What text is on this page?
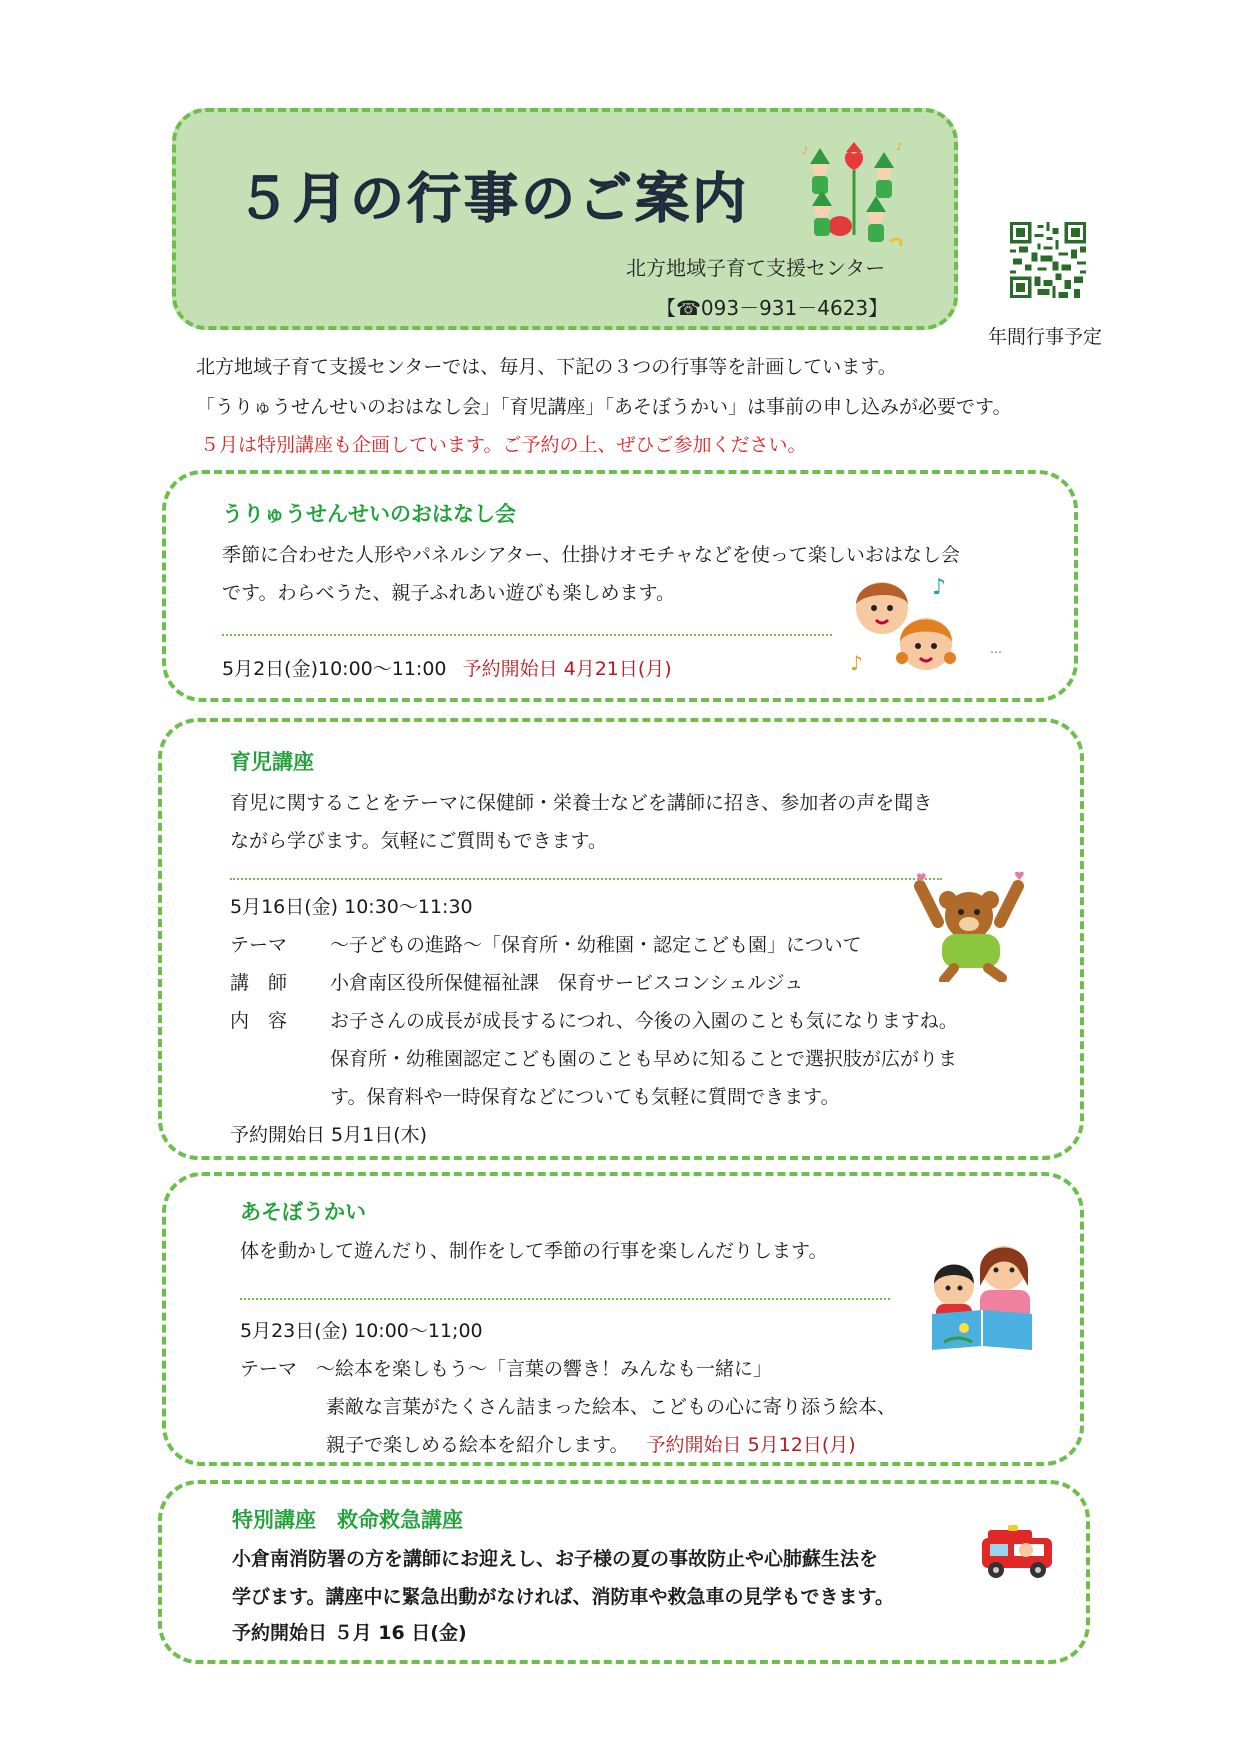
５月の行事のご案内
北方地域子育て支援センター
【☎093－931－4623】
♪	♪
年間行事予定
北方地域子育て支援センターでは、毎月、下記の３つの行事等を計画しています。
「うりゅうせんせいのおはなし会」「育児講座」「あそぼうかい」は事前の申し込みが必要です。
５月は特別講座も企画しています。ご予約の上、ぜひご参加ください。
うりゅうせんせいのおはなし会
季節に合わせた人形やパネルシアター、仕掛けオモチャなどを使って楽しいおはなし会
です。わらべうた、親子ふれあい遊びも楽しめます。
5月2日(金)10:00～11:00 予約開始日 4月21日(月)
♪
♪
…
育児講座
育児に関することをテーマに保健師・栄養士などを講師に招き、参加者の声を聞き
ながら学びます。気軽にご質問もできます。
5月16日(金) 10:30～11:30
テーマ ～子どもの進路～「保育所・幼稚園・認定こども園」について
講　師 小倉南区役所保健福祉課　保育サービスコンシェルジュ
内　容 お子さんの成長が成長するにつれ、今後の入園のことも気になりますね。
保育所・幼稚園認定こども園のことも早めに知ることで選択肢が広がりま
す。保育料や一時保育などについても気軽に質問できます。
予約開始日 5月1日(木)
♥	♥
あそぼうかい
体を動かして遊んだり、制作をして季節の行事を楽しんだりします。
5月23日(金) 10:00～11;00
テーマ ～絵本を楽しもう～「言葉の響き！みんなも一緒に」
素敵な言葉がたくさん詰まった絵本、こどもの心に寄り添う絵本、
親子で楽しめる絵本を紹介します。 予約開始日 5月12日(月)
特別講座　救命救急講座
小倉南消防署の方を講師にお迎えし、お子様の夏の事故防止や心肺蘇生法を
学びます。講座中に緊急出動がなければ、消防車や救急車の見学もできます。
予約開始日 ５月 16 日(金)
